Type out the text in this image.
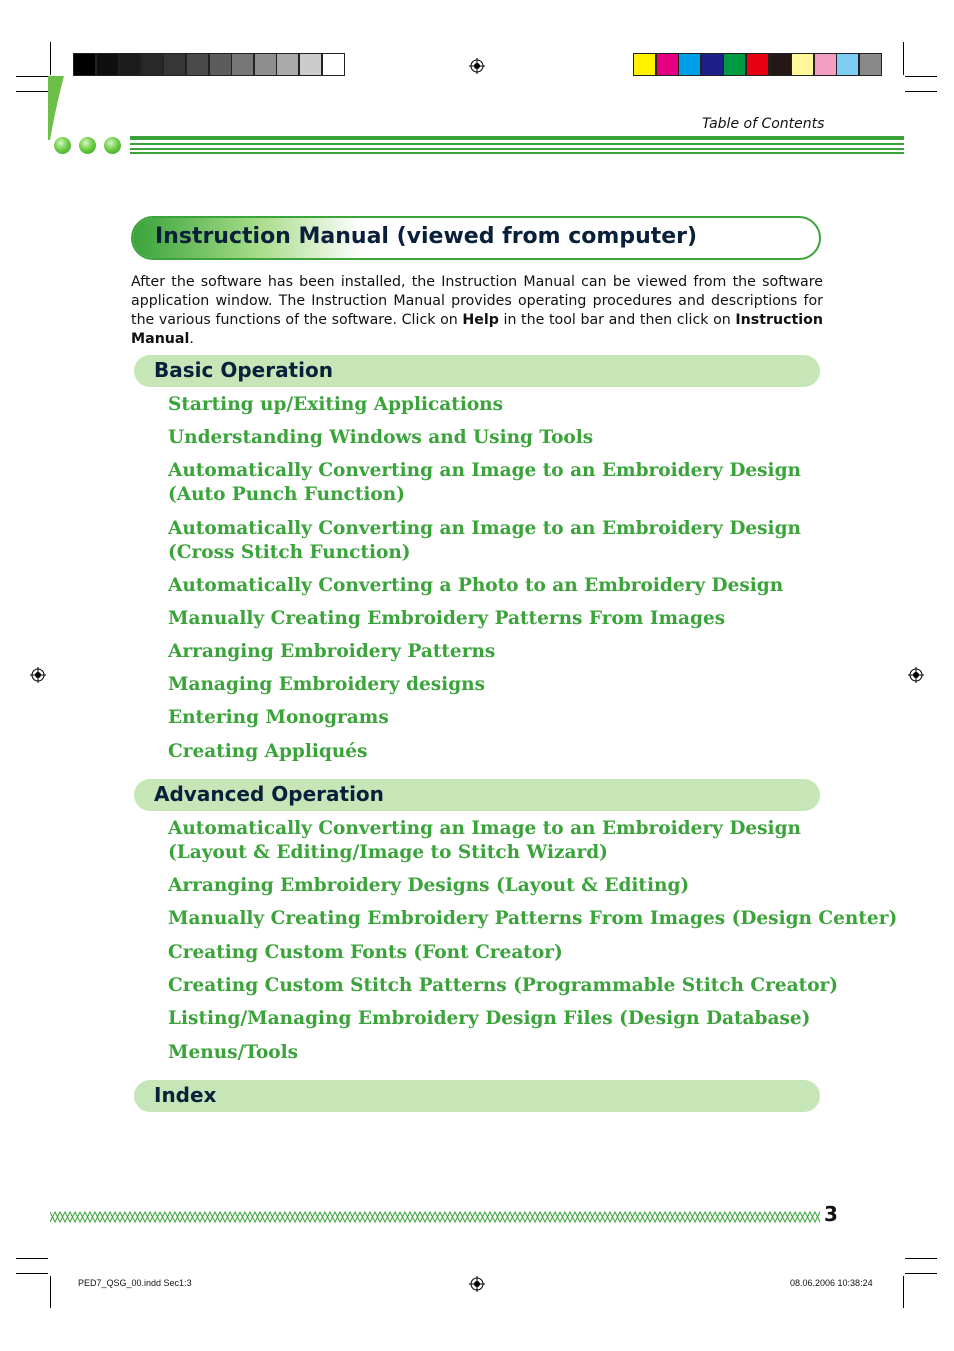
Table of Contents
Instruction Manual (viewed from computer)
After the software has been installed, the Instruction Manual can be viewed from the software application window. The Instruction Manual provides operating procedures and descriptions for the various functions of the software. Click on Help in the tool bar and then click on Instruction Manual.
Basic Operation
Starting up/Exiting Applications
Understanding Windows and Using Tools
Automatically Converting an Image to an Embroidery Design
(Auto Punch Function)
Automatically Converting an Image to an Embroidery Design
(Cross Stitch Function)
Automatically Converting a Photo to an Embroidery Design
Manually Creating Embroidery Patterns From Images
Arranging Embroidery Patterns
Managing Embroidery designs
Entering Monograms
Creating Appliqués
Advanced Operation
Automatically Converting an Image to an Embroidery Design
(Layout & Editing/Image to Stitch Wizard)
Arranging Embroidery Designs (Layout & Editing)
Manually Creating Embroidery Patterns From Images (Design Center)
Creating Custom Fonts (Font Creator)
Creating Custom Stitch Patterns (Programmable Stitch Creator)
Listing/Managing Embroidery Design Files (Design Database)
Menus/Tools
Index
3
PED7_QSG_00.indd Sec1:3	08.06.2006 10:38:24
